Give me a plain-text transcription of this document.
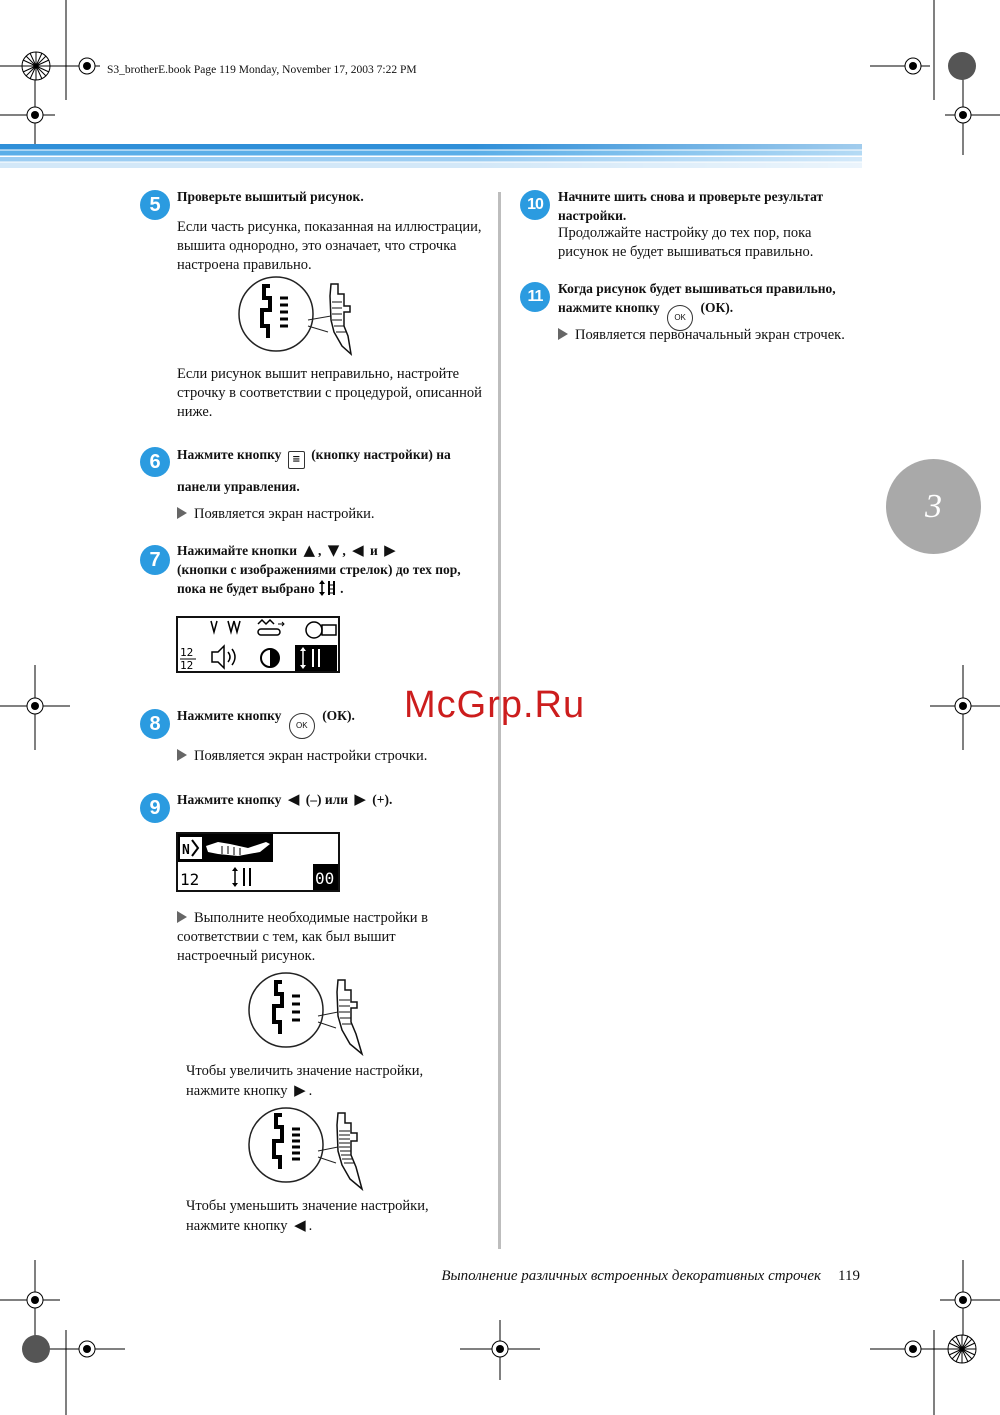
S3_brotherE.book Page 119 Monday, November 17, 2003 7:22 PM
3
5	Проверьте вышитый рисунок.
Если часть рисунка, показанная на иллюстрации, вышита однородно, это означает, что строчка настроена правильно.
Если рисунок вышит неправильно, настройте строчку в соответствии с процедурой, описанной ниже.
6	Нажмите кнопку ≡ (кнопку настройки) на
панели управления.
Появляется экран настройки.
7	Нажимайте кнопки ▲ , ▼ , ◀ и ▶
(кнопки с изображениями стрелок) до тех пор,
пока не будет выбрано .
12
12
8	Нажмите кнопку OK (ОК).
Появляется экран настройки строчки.
9	Нажмите кнопку ◀ (–) или ▶ (+).
N
12	00
Выполните необходимые настройки в соответствии с тем, как был вышит настроечный рисунок.
Чтобы увеличить значение настройки, нажмите кнопку ▶ .
Чтобы уменьшить значение настройки, нажмите кнопку ◀ .
10	Начните шить снова и проверьте результат настройки.
Продолжайте настройку до тех пор, пока рисунок не будет вышиваться правильно.
11	Когда рисунок будет вышиваться правильно, нажмите кнопку OK (ОК).
Появляется первоначальный экран строчек.
McGrp.Ru
Выполнение различных встроенных декоративных строчек 119
